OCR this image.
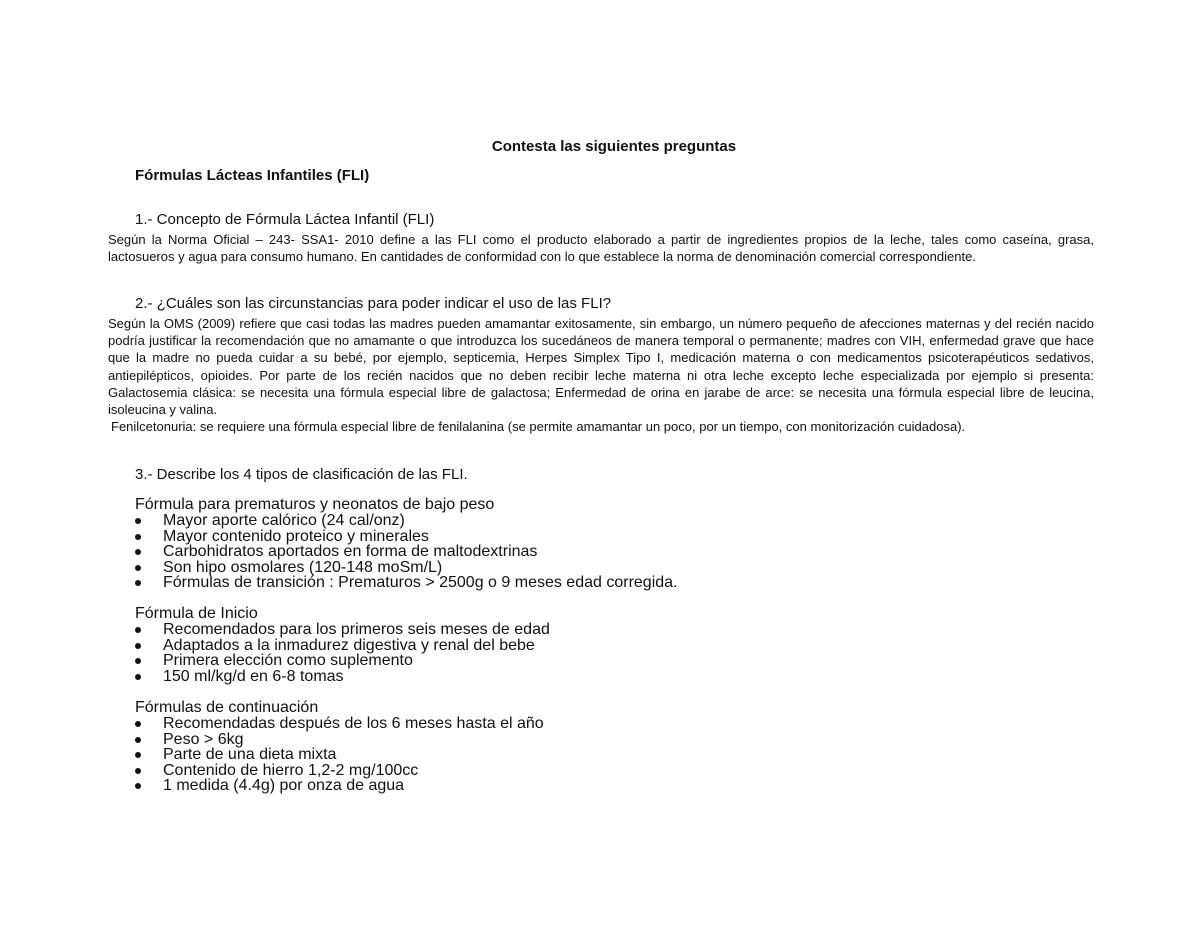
Contesta las siguientes preguntas
Fórmulas Lácteas Infantiles (FLI)

1.- Concepto de Fórmula Láctea Infantil (FLI)

Según la Norma Oficial – 243- SSA1- 2010 define a las FLI como el producto elaborado a partir de ingredientes propios de la leche, tales como caseína, grasa, lactosueros y agua para consumo humano. En cantidades de conformidad con lo que establece la norma de denominación comercial correspondiente.

2.- ¿Cuáles son las circunstancias para poder indicar el uso de las FLI?

Según la OMS (2009) refiere que casi todas las madres pueden amamantar exitosamente, sin embargo, un número pequeño de afecciones maternas y del recién nacido podría justificar la recomendación que no amamante o que introduzca los sucedáneos de manera temporal o permanente; madres con VIH, enfermedad grave que hace que la madre no pueda cuidar a su bebé, por ejemplo, septicemia, Herpes Simplex Tipo I, medicación materna o con medicamentos psicoterapéuticos sedativos, antiepilépticos, opioides. Por parte de los recién nacidos que no deben recibir leche materna ni otra leche excepto leche especializada por ejemplo si presenta: Galactosemia clásica: se necesita una fórmula especial libre de galactosa; Enfermedad de orina en jarabe de arce: se necesita una fórmula especial libre de leucina, isoleucina y valina.

Fenilcetonuria: se requiere una fórmula especial libre de fenilalanina (se permite amamantar un poco, por un tiempo, con monitorización cuidadosa).

3.- Describe los 4 tipos de clasificación de las FLI.

Fórmula para prematuros y neonatos de bajo peso

Mayor aporte calórico (24 cal/onz)
Mayor contenido proteico y minerales
Carbohidratos aportados en forma de maltodextrinas
Son hipo osmolares (120-148 moSm/L)
Fórmulas de transición : Prematuros > 2500g o 9 meses edad corregida.

Fórmula de Inicio

Recomendados para los primeros seis meses de edad
Adaptados a la inmadurez digestiva y renal del bebe
Primera elección como suplemento
150 ml/kg/d en 6-8 tomas

Fórmulas de continuación

Recomendadas después de los 6 meses hasta el año
Peso > 6kg
Parte de una dieta mixta
Contenido de hierro 1,2-2 mg/100cc
1 medida (4.4g) por onza de agua
